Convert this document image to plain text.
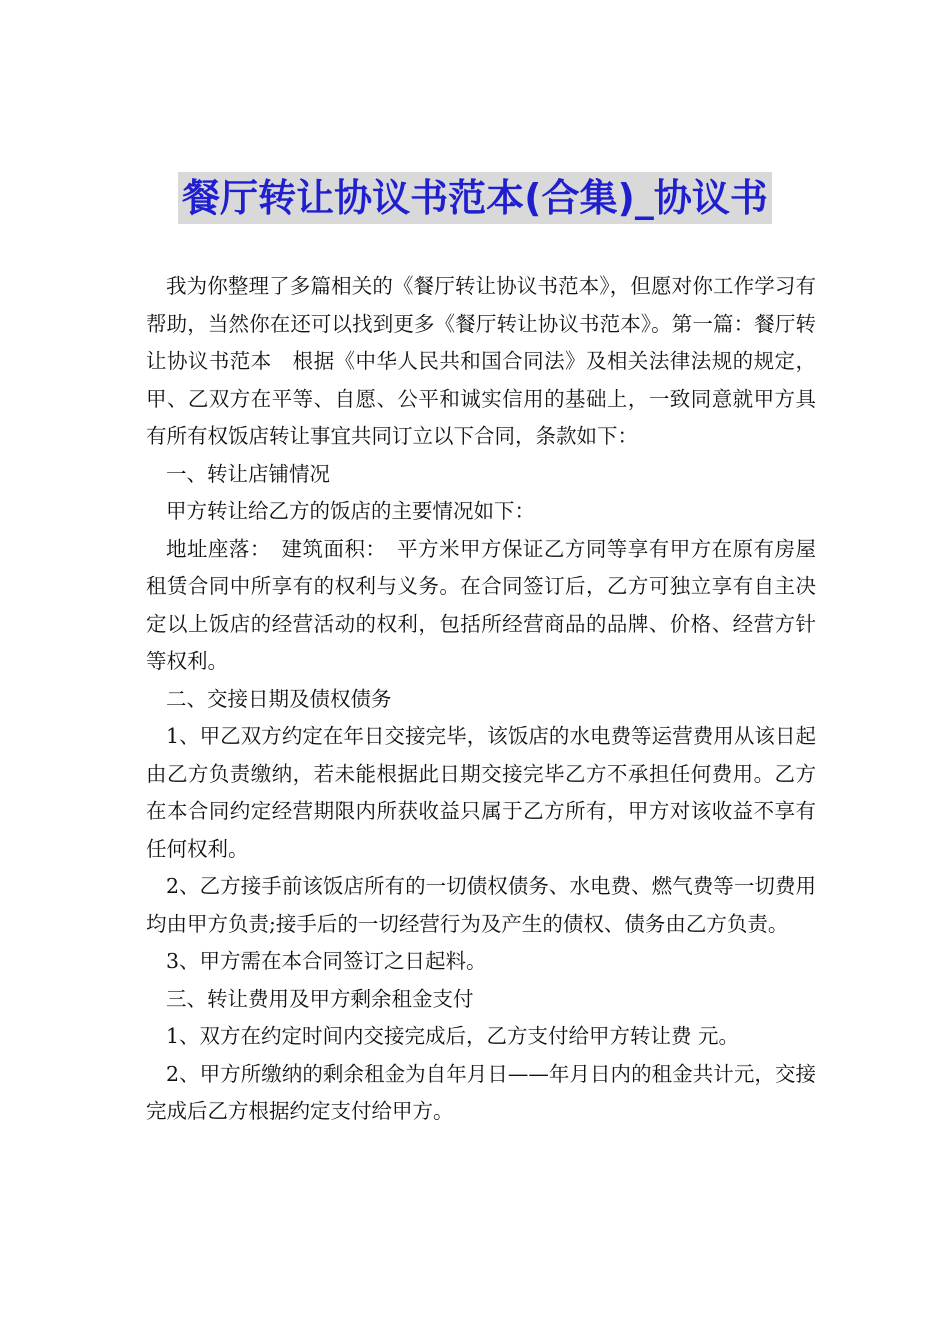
餐厅转让协议书范本(合集)_协议书

我为你整理了多篇相关的《餐厅转让协议书范本》，但愿对你工作学习有帮助，当然你在还可以找到更多《餐厅转让协议书范本》。第一篇：餐厅转让协议书范本　根据《中华人民共和国合同法》及相关法律法规的规定，甲、乙双方在平等、自愿、公平和诚实信用的基础上，一致同意就甲方具有所有权饭店转让事宜共同订立以下合同，条款如下：

一、转让店铺情况

甲方转让给乙方的饭店的主要情况如下：

地址座落：　建筑面积：　平方米甲方保证乙方同等享有甲方在原有房屋租赁合同中所享有的权利与义务。在合同签订后，乙方可独立享有自主决定以上饭店的经营活动的权利，包括所经营商品的品牌、价格、经营方针等权利。

二、交接日期及债权债务

1、甲乙双方约定在年日交接完毕，该饭店的水电费等运营费用从该日起由乙方负责缴纳，若未能根据此日期交接完毕乙方不承担任何费用。乙方在本合同约定经营期限内所获收益只属于乙方所有，甲方对该收益不享有任何权利。

2、乙方接手前该饭店所有的一切债权债务、水电费、燃气费等一切费用均由甲方负责;接手后的一切经营行为及产生的债权、债务由乙方负责。

3、甲方需在本合同签订之日起料。

三、转让费用及甲方剩余租金支付

1、双方在约定时间内交接完成后，乙方支付给甲方转让费 元。

2、甲方所缴纳的剩余租金为自年月日——年月日内的租金共计元，交接完成后乙方根据约定支付给甲方。
